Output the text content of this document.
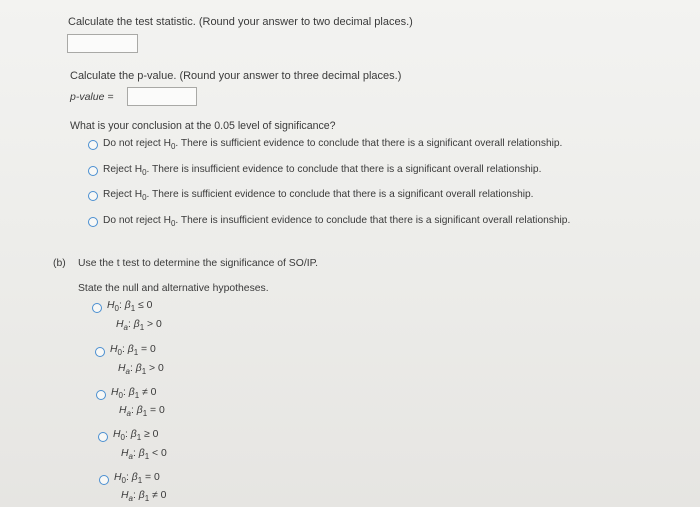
Calculate the test statistic. (Round your answer to two decimal places.)
Calculate the p-value. (Round your answer to three decimal places.)
p-value =
What is your conclusion at the 0.05 level of significance?
Do not reject $H_0$. There is sufficient evidence to conclude that there is a significant overall relationship.
Reject $H_0$. There is insufficient evidence to conclude that there is a significant overall relationship.
Reject $H_0$. There is sufficient evidence to conclude that there is a significant overall relationship.
Do not reject $H_0$. There is insufficient evidence to conclude that there is a significant overall relationship.
(b) Use the t test to determine the significance of SO/IP.
State the null and alternative hypotheses.
$H_0$: $\beta_1 \le 0$
$H_a$: $\beta_1 > 0$
$H_0$: $\beta_1 = 0$
$H_a$: $\beta_1 > 0$
$H_0$: $\beta_1 \ne 0$
$H_a$: $\beta_1 = 0$
$H_0$: $\beta_1 \ge 0$
$H_a$: $\beta_1 < 0$
$H_0$: $\beta_1 = 0$
$H_a$: $\beta_1 \ne 0$
